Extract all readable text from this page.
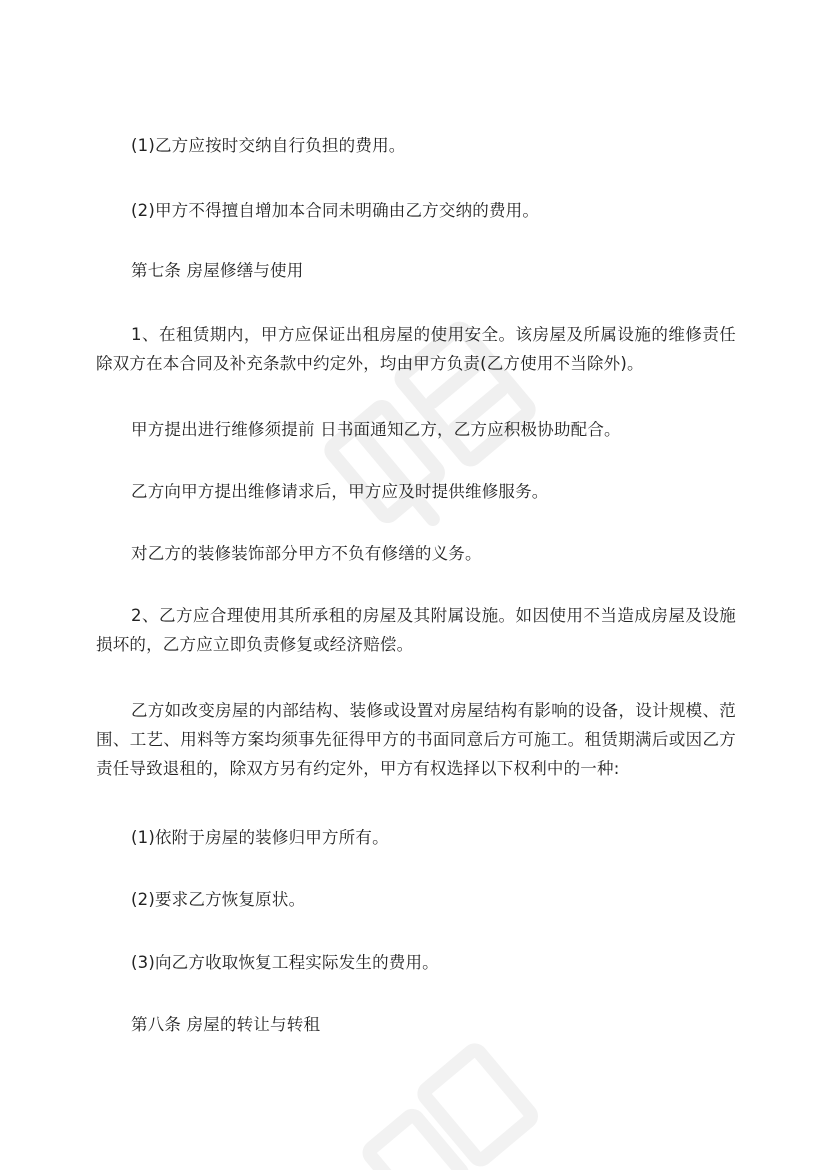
(1)乙方应按时交纳自行负担的费用。

(2)甲方不得擅自增加本合同未明确由乙方交纳的费用。

第七条 房屋修缮与使用

1、在租赁期内，甲方应保证出租房屋的使用安全。该房屋及所属设施的维修责任除双方在本合同及补充条款中约定外，均由甲方负责(乙方使用不当除外)。

甲方提出进行维修须提前 日书面通知乙方，乙方应积极协助配合。

乙方向甲方提出维修请求后，甲方应及时提供维修服务。

对乙方的装修装饰部分甲方不负有修缮的义务。

2、乙方应合理使用其所承租的房屋及其附属设施。如因使用不当造成房屋及设施损坏的，乙方应立即负责修复或经济赔偿。

乙方如改变房屋的内部结构、装修或设置对房屋结构有影响的设备，设计规模、范围、工艺、用料等方案均须事先征得甲方的书面同意后方可施工。租赁期满后或因乙方责任导致退租的，除双方另有约定外，甲方有权选择以下权利中的一种:

(1)依附于房屋的装修归甲方所有。

(2)要求乙方恢复原状。

(3)向乙方收取恢复工程实际发生的费用。

第八条 房屋的转让与转租
